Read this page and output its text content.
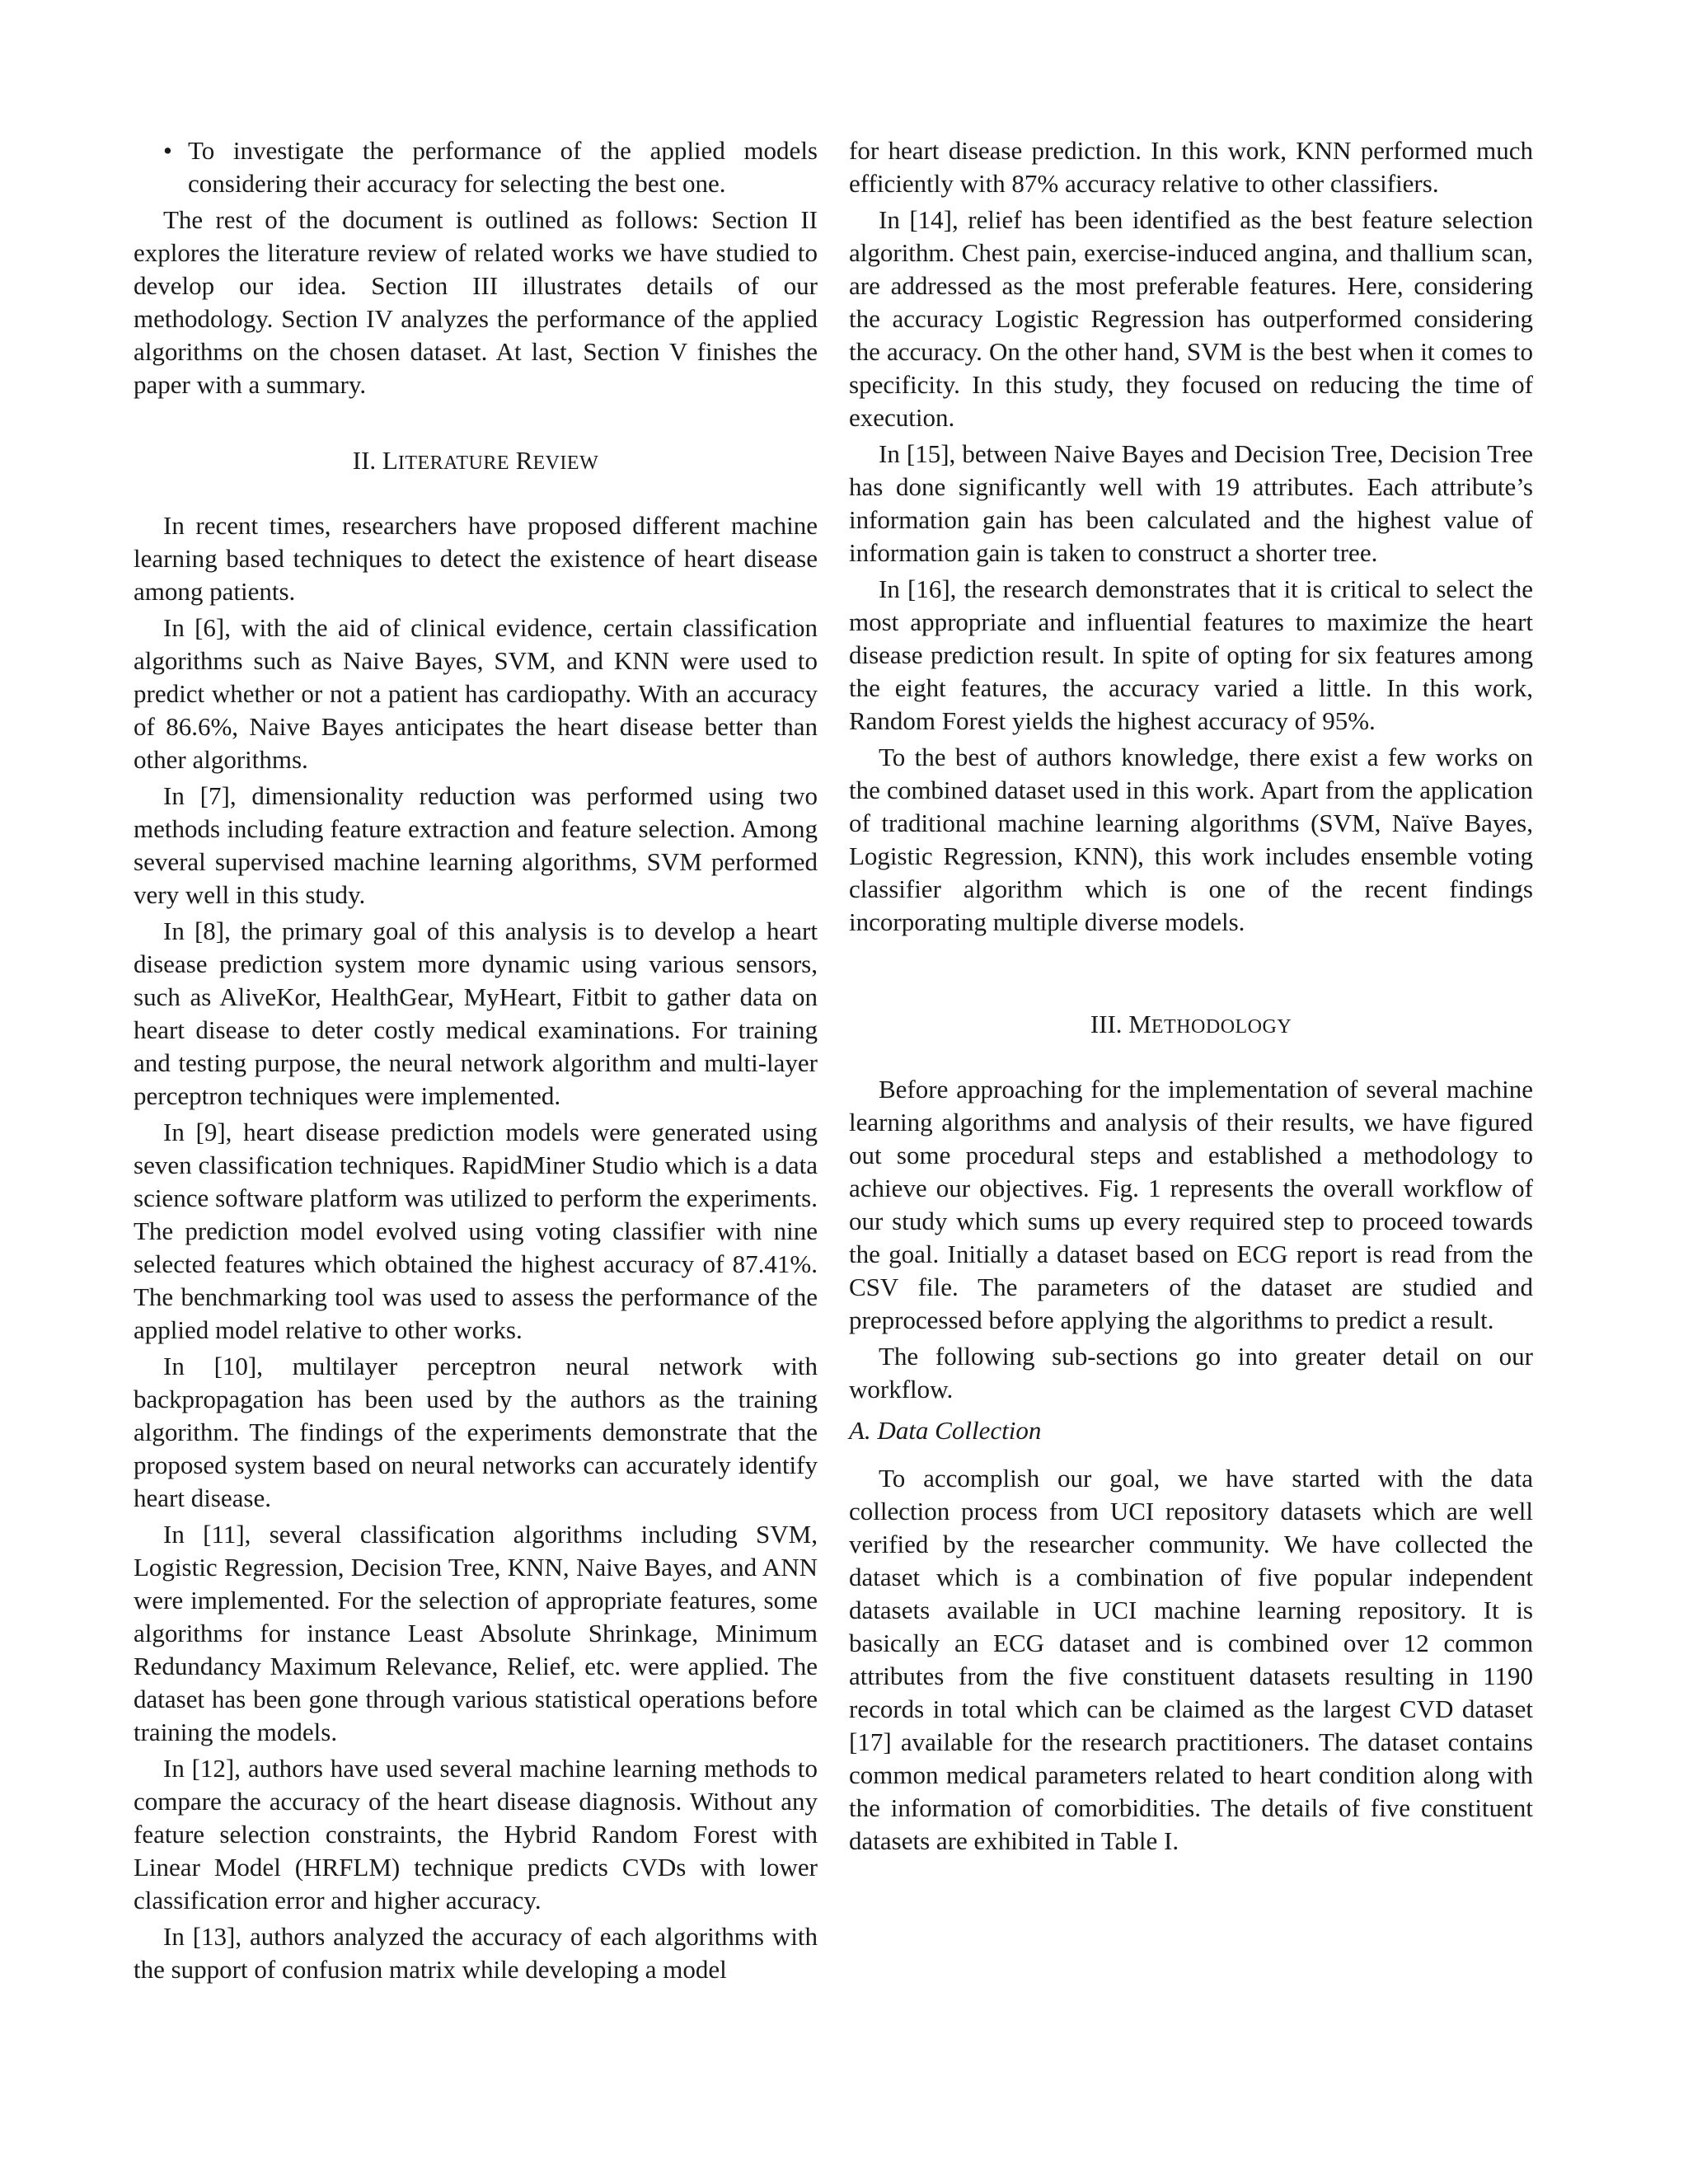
• To investigate the performance of the applied models considering their accuracy for selecting the best one.

The rest of the document is outlined as follows: Section II explores the literature review of related works we have studied to develop our idea. Section III illustrates details of our methodology. Section IV analyzes the performance of the applied algorithms on the chosen dataset. At last, Section V finishes the paper with a summary.

II. LITERATURE REVIEW

In recent times, researchers have proposed different machine learning based techniques to detect the existence of heart disease among patients.

In [6], with the aid of clinical evidence, certain classification algorithms such as Naive Bayes, SVM, and KNN were used to predict whether or not a patient has cardiopathy. With an accuracy of 86.6%, Naive Bayes anticipates the heart disease better than other algorithms.

In [7], dimensionality reduction was performed using two methods including feature extraction and feature selection. Among several supervised machine learning algorithms, SVM performed very well in this study.

In [8], the primary goal of this analysis is to develop a heart disease prediction system more dynamic using various sensors, such as AliveKor, HealthGear, MyHeart, Fitbit to gather data on heart disease to deter costly medical examinations. For training and testing purpose, the neural network algorithm and multi-layer perceptron techniques were implemented.

In [9], heart disease prediction models were generated using seven classification techniques. RapidMiner Studio which is a data science software platform was utilized to perform the experiments. The prediction model evolved using voting classifier with nine selected features which obtained the highest accuracy of 87.41%. The benchmarking tool was used to assess the performance of the applied model relative to other works.

In [10], multilayer perceptron neural network with backpropagation has been used by the authors as the training algorithm. The findings of the experiments demonstrate that the proposed system based on neural networks can accurately identify heart disease.

In [11], several classification algorithms including SVM, Logistic Regression, Decision Tree, KNN, Naive Bayes, and ANN were implemented. For the selection of appropriate features, some algorithms for instance Least Absolute Shrinkage, Minimum Redundancy Maximum Relevance, Relief, etc. were applied. The dataset has been gone through various statistical operations before training the models.

In [12], authors have used several machine learning methods to compare the accuracy of the heart disease diagnosis. Without any feature selection constraints, the Hybrid Random Forest with Linear Model (HRFLM) technique predicts CVDs with lower classification error and higher accuracy.

In [13], authors analyzed the accuracy of each algorithms with the support of confusion matrix while developing a model

for heart disease prediction. In this work, KNN performed much efficiently with 87% accuracy relative to other classifiers.

In [14], relief has been identified as the best feature selection algorithm. Chest pain, exercise-induced angina, and thallium scan, are addressed as the most preferable features. Here, considering the accuracy Logistic Regression has outperformed considering the accuracy. On the other hand, SVM is the best when it comes to specificity. In this study, they focused on reducing the time of execution.

In [15], between Naive Bayes and Decision Tree, Decision Tree has done significantly well with 19 attributes. Each attribute’s information gain has been calculated and the highest value of information gain is taken to construct a shorter tree.

In [16], the research demonstrates that it is critical to select the most appropriate and influential features to maximize the heart disease prediction result. In spite of opting for six features among the eight features, the accuracy varied a little. In this work, Random Forest yields the highest accuracy of 95%.

To the best of authors knowledge, there exist a few works on the combined dataset used in this work. Apart from the application of traditional machine learning algorithms (SVM, Naïve Bayes, Logistic Regression, KNN), this work includes ensemble voting classifier algorithm which is one of the recent findings incorporating multiple diverse models.

III. METHODOLOGY

Before approaching for the implementation of several machine learning algorithms and analysis of their results, we have figured out some procedural steps and established a methodology to achieve our objectives. Fig. 1 represents the overall workflow of our study which sums up every required step to proceed towards the goal. Initially a dataset based on ECG report is read from the CSV file. The parameters of the dataset are studied and preprocessed before applying the algorithms to predict a result.

The following sub-sections go into greater detail on our workflow.

A. Data Collection

To accomplish our goal, we have started with the data collection process from UCI repository datasets which are well verified by the researcher community. We have collected the dataset which is a combination of five popular independent datasets available in UCI machine learning repository. It is basically an ECG dataset and is combined over 12 common attributes from the five constituent datasets resulting in 1190 records in total which can be claimed as the largest CVD dataset [17] available for the research practitioners. The dataset contains common medical parameters related to heart condition along with the information of comorbidities. The details of five constituent datasets are exhibited in Table I.
